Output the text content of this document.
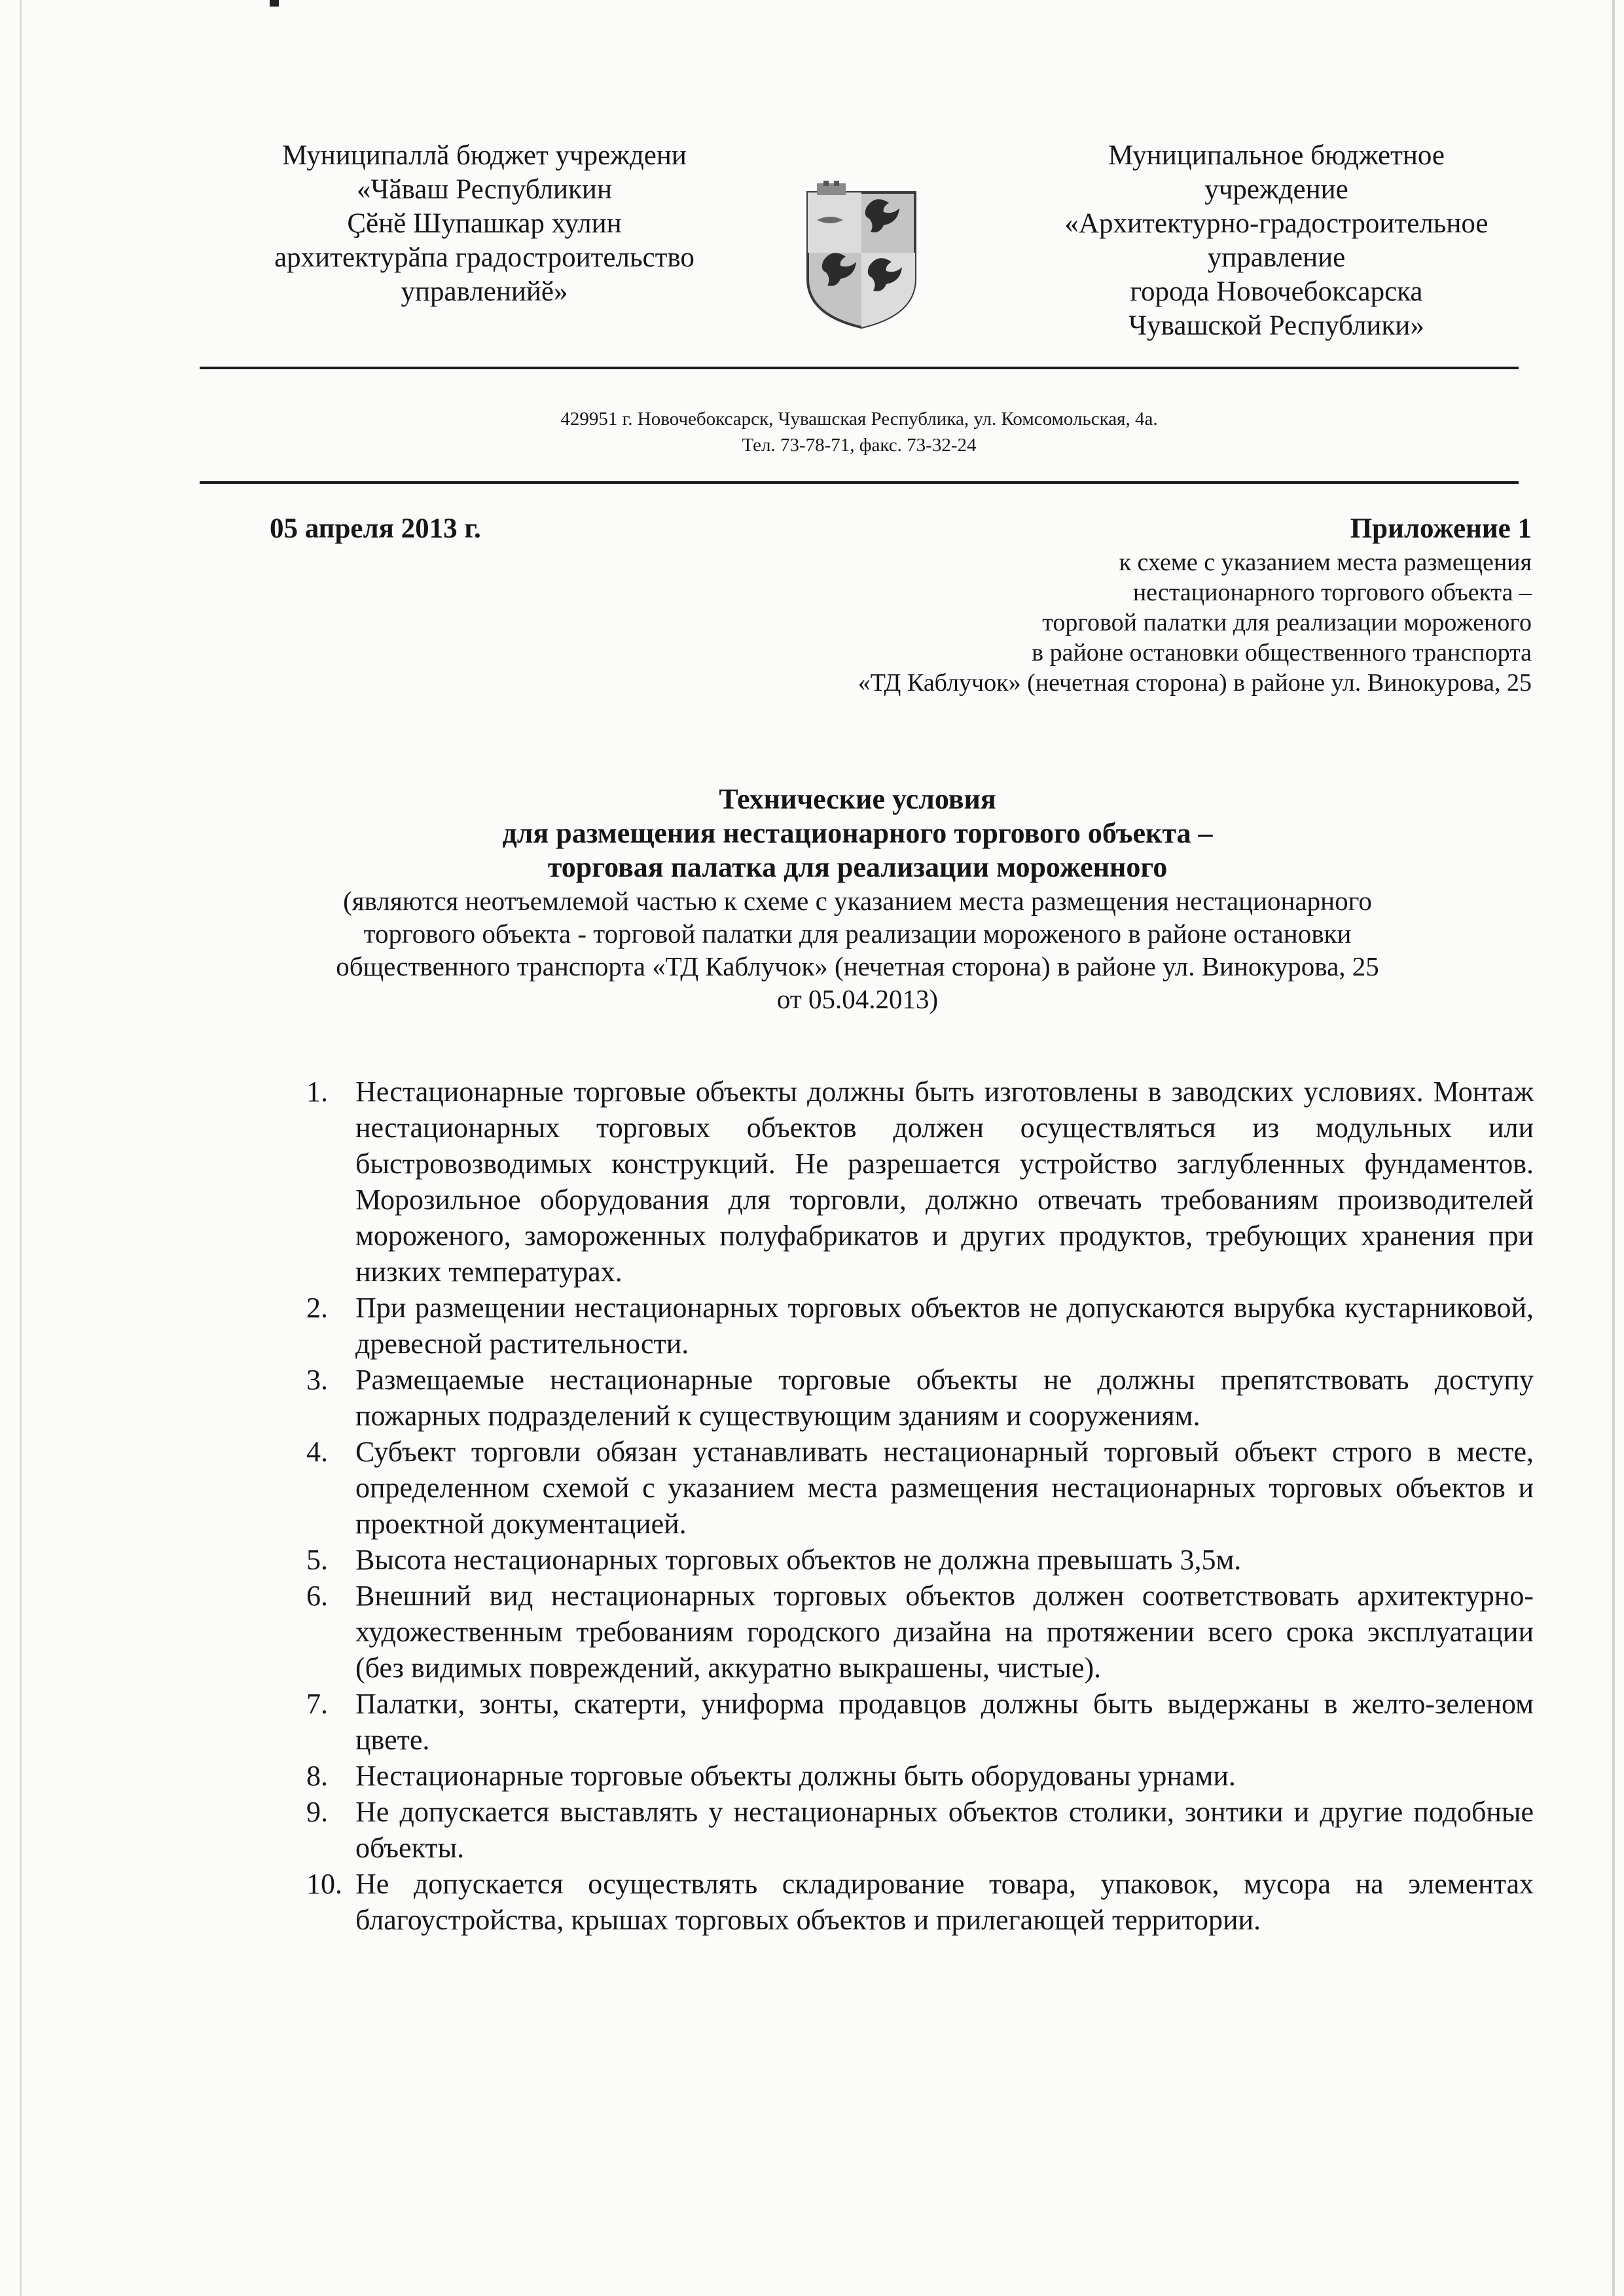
Муниципаллӑ бюджет учреждени
«Чӑваш Республикин
Ҫӗнӗ Шупашкар хулин
архитектурӑпа градостроительство
управленийӗ»
Муниципальное бюджетное
учреждение
«Архитектурно-градостроительное
управление
города Новочебоксарска
Чувашской Республики»
429951 г. Новочебоксарск, Чувашская Республика, ул. Комсомольская, 4а.
Тел. 73-78-71, факс. 73-32-24
05 апреля 2013 г.	Приложение 1
к схеме с указанием места размещения
нестационарного торгового объекта –
торговой палатки для реализации мороженого
в районе остановки общественного транспорта
«ТД Каблучок» (нечетная сторона) в районе ул. Винокурова, 25
Технические условия
для размещения нестационарного торгового объекта –
торговая палатка для реализации мороженного
(являются неотъемлемой частью к схеме с указанием места размещения нестационарного
торгового объекта - торговой палатки для реализации мороженого в районе остановки
общественного транспорта «ТД Каблучок» (нечетная сторона) в районе ул. Винокурова, 25
от 05.04.2013)
1. Нестационарные торговые объекты должны быть изготовлены в заводских условиях. Монтаж нестационарных торговых объектов должен осуществляться из модульных или быстровозводимых конструкций. Не разрешается устройство заглубленных фундаментов. Морозильное оборудования для торговли, должно отвечать требованиям производителей мороженого, замороженных полуфабрикатов и других продуктов, требующих хранения при низких температурах.
2. При размещении нестационарных торговых объектов не допускаются вырубка кустарниковой, древесной растительности.
3. Размещаемые нестационарные торговые объекты не должны препятствовать доступу пожарных подразделений к существующим зданиям и сооружениям.
4. Субъект торговли обязан устанавливать нестационарный торговый объект строго в месте, определенном схемой с указанием места размещения нестационарных торговых объектов и проектной документацией.
5. Высота нестационарных торговых объектов не должна превышать 3,5м.
6. Внешний вид нестационарных торговых объектов должен соответствовать архитектурно-художественным требованиям городского дизайна на протяжении всего срока эксплуатации (без видимых повреждений, аккуратно выкрашены, чистые).
7. Палатки, зонты, скатерти, униформа продавцов должны быть выдержаны в желто-зеленом цвете.
8. Нестационарные торговые объекты должны быть оборудованы урнами.
9. Не допускается выставлять у нестационарных объектов столики, зонтики и другие подобные объекты.
10. Не допускается осуществлять складирование товара, упаковок, мусора на элементах благоустройства, крышах торговых объектов и прилегающей территории.
